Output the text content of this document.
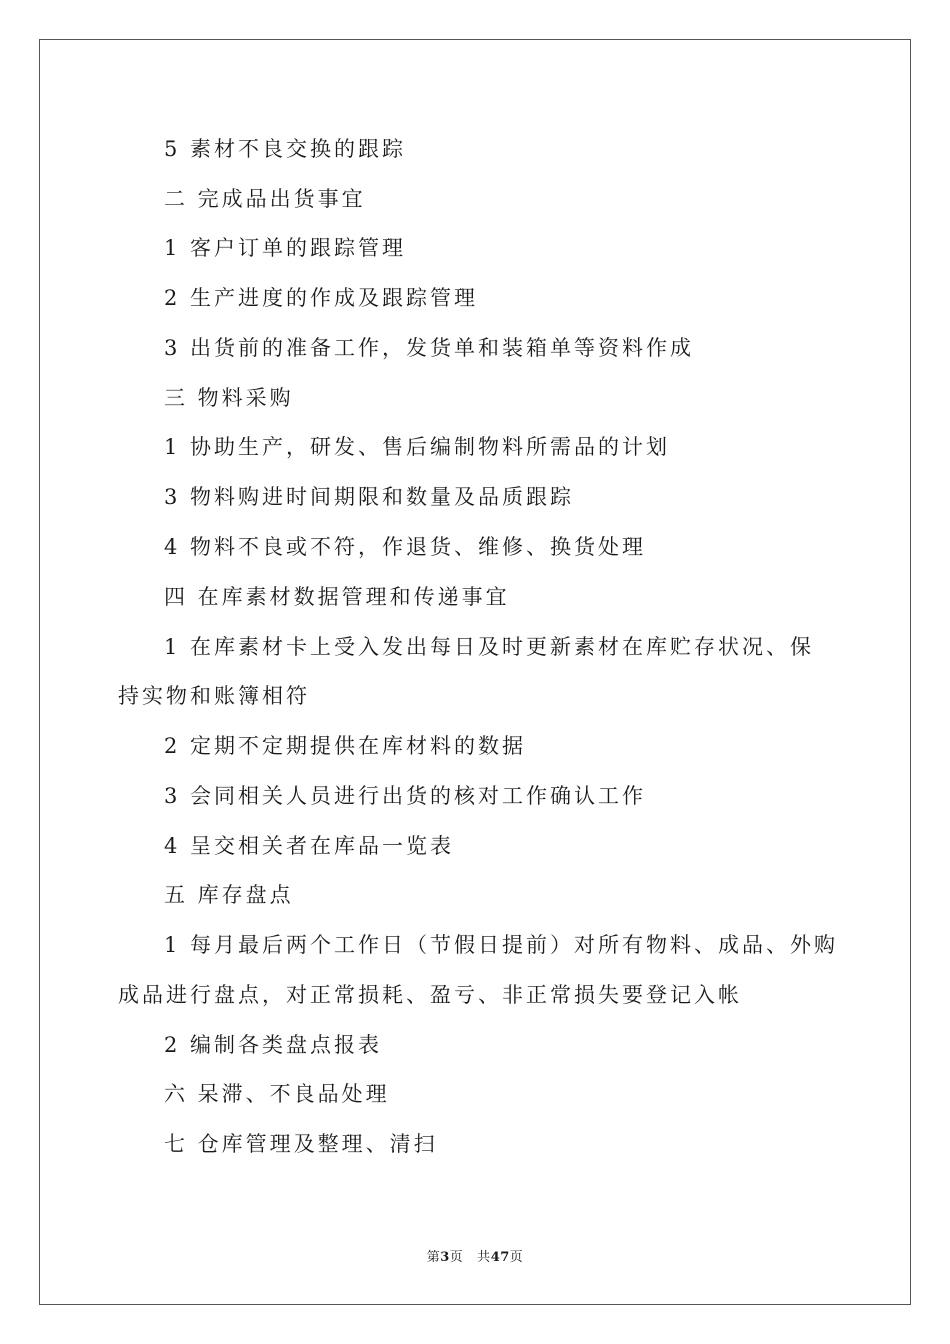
5 素材不良交换的跟踪
二 完成品出货事宜
1 客户订单的跟踪管理
2 生产进度的作成及跟踪管理
3 出货前的准备工作，发货单和装箱单等资料作成
三 物料采购
1 协助生产，研发、售后编制物料所需品的计划
3 物料购进时间期限和数量及品质跟踪
4 物料不良或不符，作退货、维修、换货处理
四 在库素材数据管理和传递事宜
1 在库素材卡上受入发出每日及时更新素材在库贮存状况、保
持实物和账簿相符
2 定期不定期提供在库材料的数据
3 会同相关人员进行出货的核对工作确认工作
4 呈交相关者在库品一览表
五 库存盘点
1 每月最后两个工作日（节假日提前）对所有物料、成品、外购
成品进行盘点，对正常损耗、盈亏、非正常损失要登记入帐
2 编制各类盘点报表
六 呆滞、不良品处理
七 仓库管理及整理、清扫
第3页 共47页
